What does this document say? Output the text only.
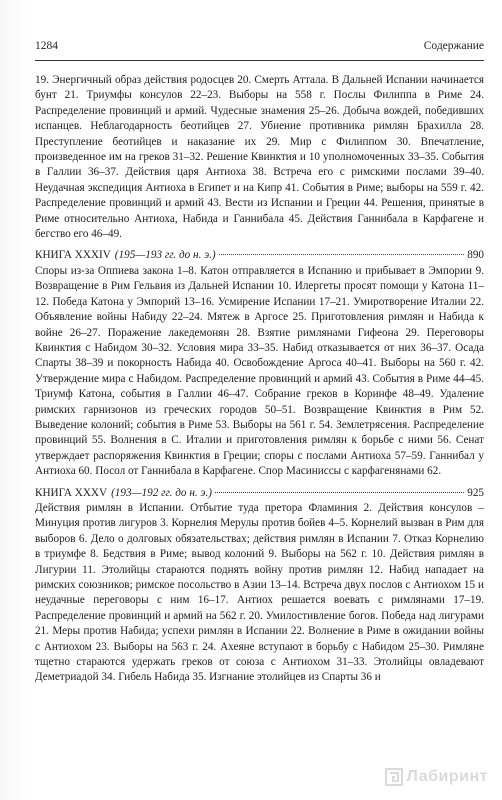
1284	Содержание

19. Энергичный образ действия родосцев 20. Смерть Аттала. В Дальней Испании начинается бунт 21. Триумфы консулов 22–23. Выборы на 558 г. Послы Филиппа в Риме 24. Распределение провинций и армий. Чудесные знамения 25–26. Добыча вождей, победивших испанцев. Неблагодарность беотийцев 27. Убиение противника римлян Брахилла 28. Преступление беотийцев и наказание их 29. Мир с Филиппом 30. Впечатление, произведенное им на греков 31–32. Решение Квинктия и 10 уполномоченных 33–35. События в Галлии 36–37. Действия царя Антиоха 38. Встреча его с римскими послами 39–40. Неудачная экспедиция Антиоха в Египет и на Кипр 41. События в Риме; выборы на 559 г. 42. Распределение провинций и армий 43. Вести из Испании и Греции 44. Решения, принятые в Риме относительно Антиоха, Набида и Ганнибала 45. Действия Ганнибала в Карфагене и бегство его 46–49.

КНИГА XXXIV (195—193 гг. до н. э.)	890

Споры из-за Оппиева закона 1–8. Катон отправляется в Испанию и прибывает в Эмпории 9. Возвращение в Рим Гельвия из Дальней Испании 10. Илергеты просят помощи у Катона 11–12. Победа Катона у Эмпорий 13–16. Усмирение Испании 17–21. Умиротворение Италии 22. Объявление войны Набиду 22–24. Мятеж в Аргосе 25. Приготовления римлян и Набида к войне 26–27. Поражение лакедемонян 28. Взятие римлянами Гифеона 29. Переговоры Квинктия с Набидом 30–32. Условия мира 33–35. Набид отказывается от них 36–37. Осада Спарты 38–39 и покорность Набида 40. Освобождение Аргоса 40–41. Выборы на 560 г. 42. Утверждение мира с Набидом. Распределение провинций и армий 43. События в Риме 44–45. Триумф Катона, события в Галлии 46–47. Собрание греков в Коринфе 48–49. Удаление римских гарнизонов из греческих городов 50–51. Возвращение Квинктия в Рим 52. Выведение колоний; события в Риме 53. Выборы на 561 г. 54. Землетрясения. Распределение провинций 55. Волнения в С. Италии и приготовления римлян к борьбе с ними 56. Сенат утверждает распоряжения Квинктия в Греции; споры с послами Антиоха 57–59. Ганнибал у Антиоха 60. Посол от Ганнибала в Карфагене. Спор Масиниссы с карфагенянами 62.

КНИГА XXXV (193—192 гг. до н. э.)	925

Действия римлян в Испании. Отбытие туда претора Фламиния 2. Действия консулов – Минуция против лигуров 3. Корнелия Мерулы против бойев 4–5. Корнелий вызван в Рим для выборов 6. Дело о долговых обязательствах; действия римлян в Испании 7. Отказ Корнелию в триумфе 8. Бедствия в Риме; вывод колоний 9. Выборы на 562 г. 10. Действия римлян в Лигурии 11. Этолийцы стараются поднять войну против римлян 12. Набид нападает на римских союзников; римское посольство в Азии 13–14. Встреча двух послов с Антиохом 15 и неудачные переговоры с ним 16–17. Антиох решается воевать с римлянами 17–19. Распределение провинций и армий на 562 г. 20. Умилостивление богов. Победа над лигурами 21. Меры против Набида; успехи римлян в Испании 22. Волнение в Риме в ожидании войны с Антиохом 23. Выборы на 563 г. 24. Ахеяне вступают в борьбу с Набидом 25–30. Римляне тщетно стараются удержать греков от союза с Антиохом 31–33. Этолийцы овладевают Деметриадой 34. Гибель Набида 35. Изгнание этолийцев из Спарты 36 и

Лабиринт
